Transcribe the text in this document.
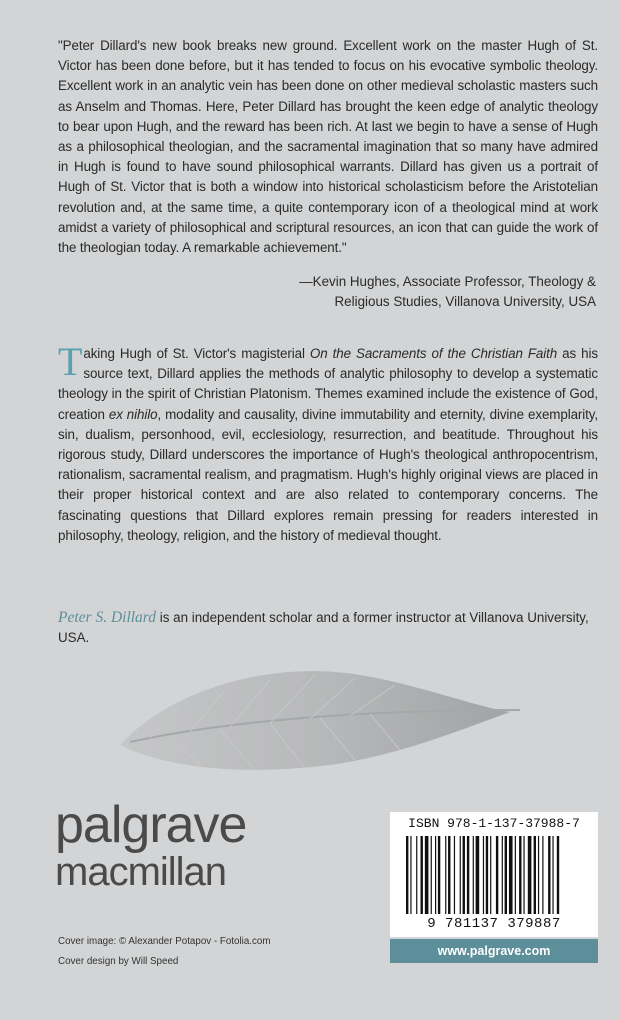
"Peter Dillard's new book breaks new ground. Excellent work on the master Hugh of St. Victor has been done before, but it has tended to focus on his evocative symbolic theology. Excellent work in an analytic vein has been done on other medieval scholastic masters such as Anselm and Thomas. Here, Peter Dillard has brought the keen edge of analytic theology to bear upon Hugh, and the reward has been rich. At last we begin to have a sense of Hugh as a philosophical theologian, and the sacramental imagination that so many have admired in Hugh is found to have sound philosophical warrants. Dillard has given us a portrait of Hugh of St. Victor that is both a window into historical scholasticism before the Aristotelian revolution and, at the same time, a quite contemporary icon of a theological mind at work amidst a variety of philosophical and scriptural resources, an icon that can guide the work of the theologian today. A remarkable achievement."
—Kevin Hughes, Associate Professor, Theology &
Religious Studies, Villanova University, USA
Taking Hugh of St. Victor's magisterial On the Sacraments of the Christian Faith as his source text, Dillard applies the methods of analytic philosophy to develop a systematic theology in the spirit of Christian Platonism. Themes examined include the existence of God, creation ex nihilo, modality and causality, divine immutability and eternity, divine exemplarity, sin, dualism, personhood, evil, ecclesiology, resurrection, and beatitude. Throughout his rigorous study, Dillard underscores the importance of Hugh's theological anthropocentrism, rationalism, sacramental realism, and pragmatism. Hugh's highly original views are placed in their proper historical context and are also related to contemporary concerns. The fascinating questions that Dillard explores remain pressing for readers interested in philosophy, theology, religion, and the history of medieval thought.
Peter S. Dillard is an independent scholar and a former instructor at Villanova University, USA.
palgrave
macmillan
ISBN 978-1-137-37988-7
9 781137 379887
www.palgrave.com
Cover image: © Alexander Potapov - Fotolia.com
Cover design by Will Speed
